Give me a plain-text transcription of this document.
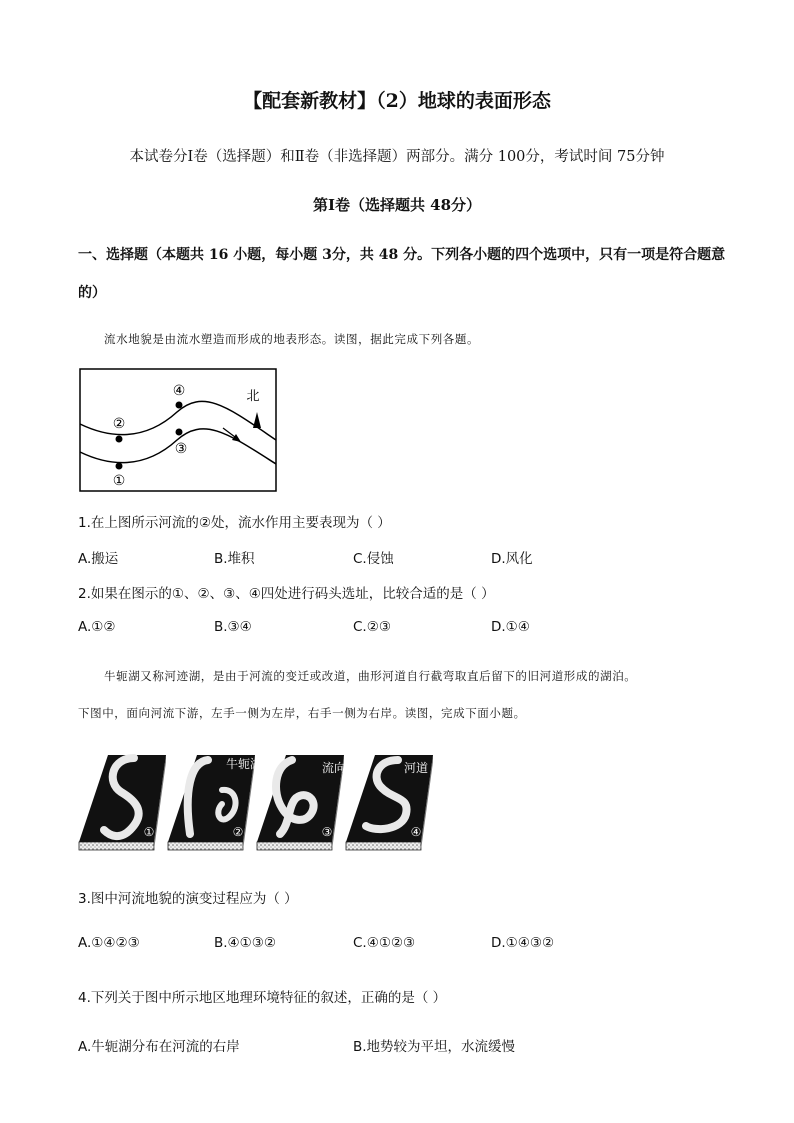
【配套新教材】（2）地球的表面形态
本试卷分Ⅰ卷（选择题）和Ⅱ卷（非选择题）两部分。满分 100分，考试时间 75分钟
第Ⅰ卷（选择题共 48分）
一、选择题（本题共 16 小题，每小题 3分，共 48 分。下列各小题的四个选项中，只有一项是符合题意
的）
流水地貌是由流水塑造而形成的地表形态。读图，据此完成下列各题。
①
②
③
④	北
1.在上图所示河流的②处，流水作用主要表现为（ ）
A.搬运	B.堆积	C.侵蚀	D.风化
2.如果在图示的①、②、③、④四处进行码头选址，比较合适的是（ ）
A.①②	B.③④	C.②③	D.①④
牛轭湖又称河迹湖，是由于河流的变迁或改道，曲形河道自行截弯取直后留下的旧河道形成的湖泊。
下图中，面向河流下游，左手一侧为左岸，右手一侧为右岸。读图，完成下面小题。
①	②
牛轭湖
③
流向
④
河道
3.图中河流地貌的演变过程应为（ ）
A.①④②③	B.④①③②	C.④①②③	D.①④③②
4.下列关于图中所示地区地理环境特征的叙述，正确的是（ ）
A.牛轭湖分布在河流的右岸	B.地势较为平坦，水流缓慢
